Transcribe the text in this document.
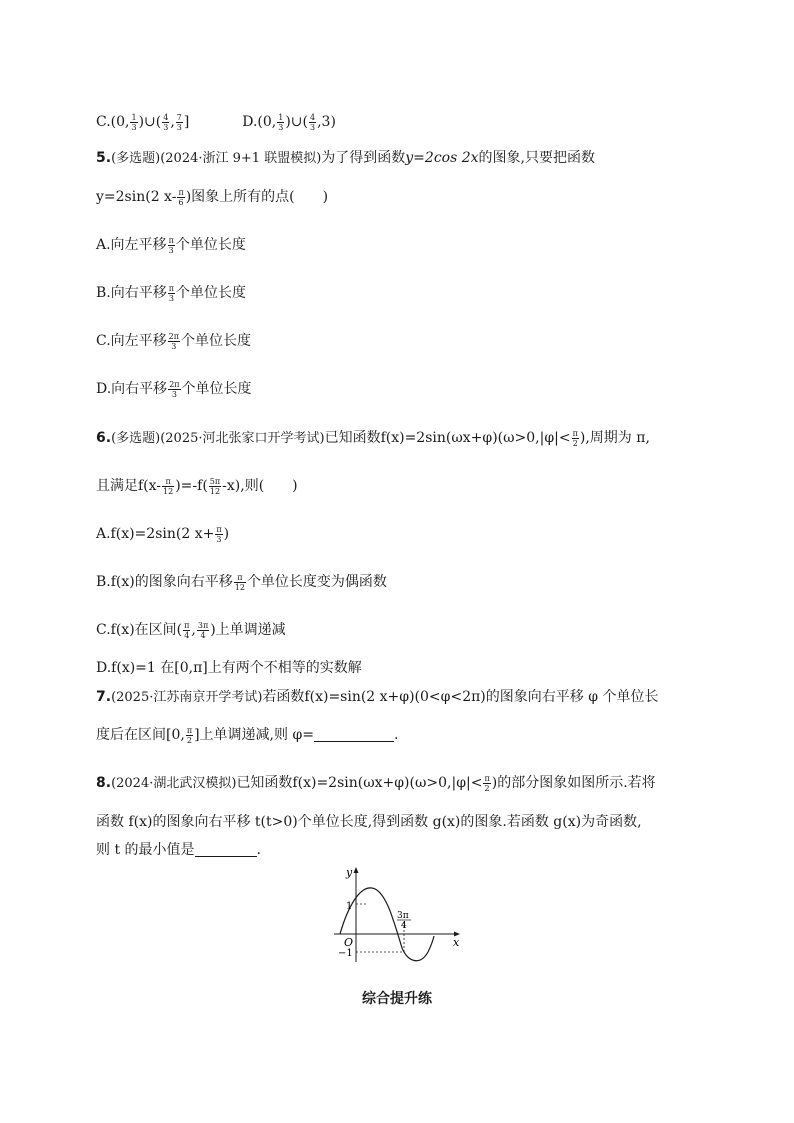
C.(0, $\frac{1}{3}$ )∪( $\frac{4}{3}$ , $\frac{7}{3}$ ]	D.(0, $\frac{1}{3}$ )∪( $\frac{4}{3} ,3$)
5.(多选题)(2024·浙江 9+1 联盟模拟)为了得到函数y=2cos 2x的图象,只要把函数
y=2sin(2 $x- \frac{\pi}{6}$ )图象上所有的点(　　)
A.向左平移 $\frac{\pi}{3}$ 个单位长度
B.向右平移 $\frac{\pi}{3}$ 个单位长度
C.向左平移 $\frac{2\pi}{3}$ 个单位长度
D.向右平移 $\frac{2\pi}{3}$ 个单位长度
6.(多选题)(2025·河北张家口开学考试)已知函数$f(x)=2\sin(\omega x+\varphi)(\omega>0,|\varphi|< \frac{\pi}{2}$ ),周期为 π,
且满足$f(x- \frac{\pi}{12} )=-f( \frac{5\pi}{12} -x)$,则(　　)
A.f(x)=2sin(2 $x+ \frac{\pi}{3}$ )
B.f(x)的图象向右平移 $\frac{\pi}{12}$ 个单位长度变为偶函数
C.f(x)在区间( $\frac{\pi}{4}$ , $\frac{3\pi}{4}$ )上单调递减
D.f(x)=1 在[0,π]上有两个不相等的实数解
7.(2025·江苏南京开学考试)若函数f(x)=sin(2 x+φ)(0<φ<2π)的图象向右平移 φ 个单位长
度后在区间[0, $\frac{\pi}{2}$ ]上单调递减,则 φ=	.
8.(2024·湖北武汉模拟)已知函数$f(x)=2\sin(\omega x+\varphi)(\omega>0,|\varphi|< \frac{\pi}{2}$ )的部分图象如图所示.若将
函数 f(x)的图象向右平移 t(t>0)个单位长度,得到函数 g(x)的图象.若函数 g(x)为奇函数,
则 t 的最小值是	.
y
x
O
1
−1
3π
4
综合提升练
